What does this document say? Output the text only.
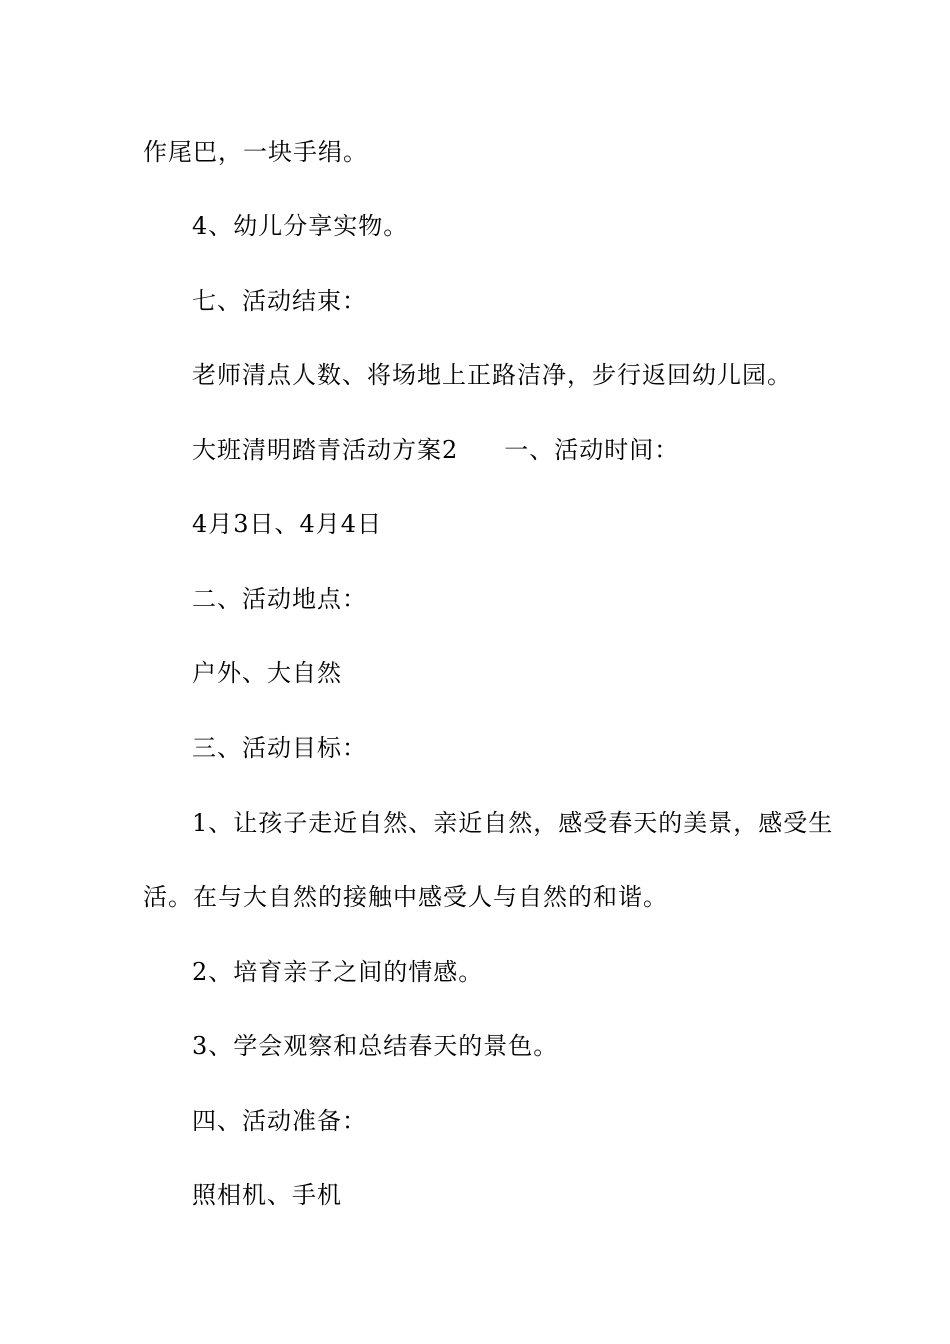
作尾巴，一块手绢。
4、幼儿分享实物。
七、活动结束：
老师清点人数、将场地上正路洁净，步行返回幼儿园。
大班清明踏青活动方案2 一、活动时间：
4月3日、4月4日
二、活动地点：
户外、大自然
三、活动目标：
1、让孩子走近自然、亲近自然，感受春天的美景，感受生
活。在与大自然的接触中感受人与自然的和谐。
2、培育亲子之间的情感。
3、学会观察和总结春天的景色。
四、活动准备：
照相机、手机
